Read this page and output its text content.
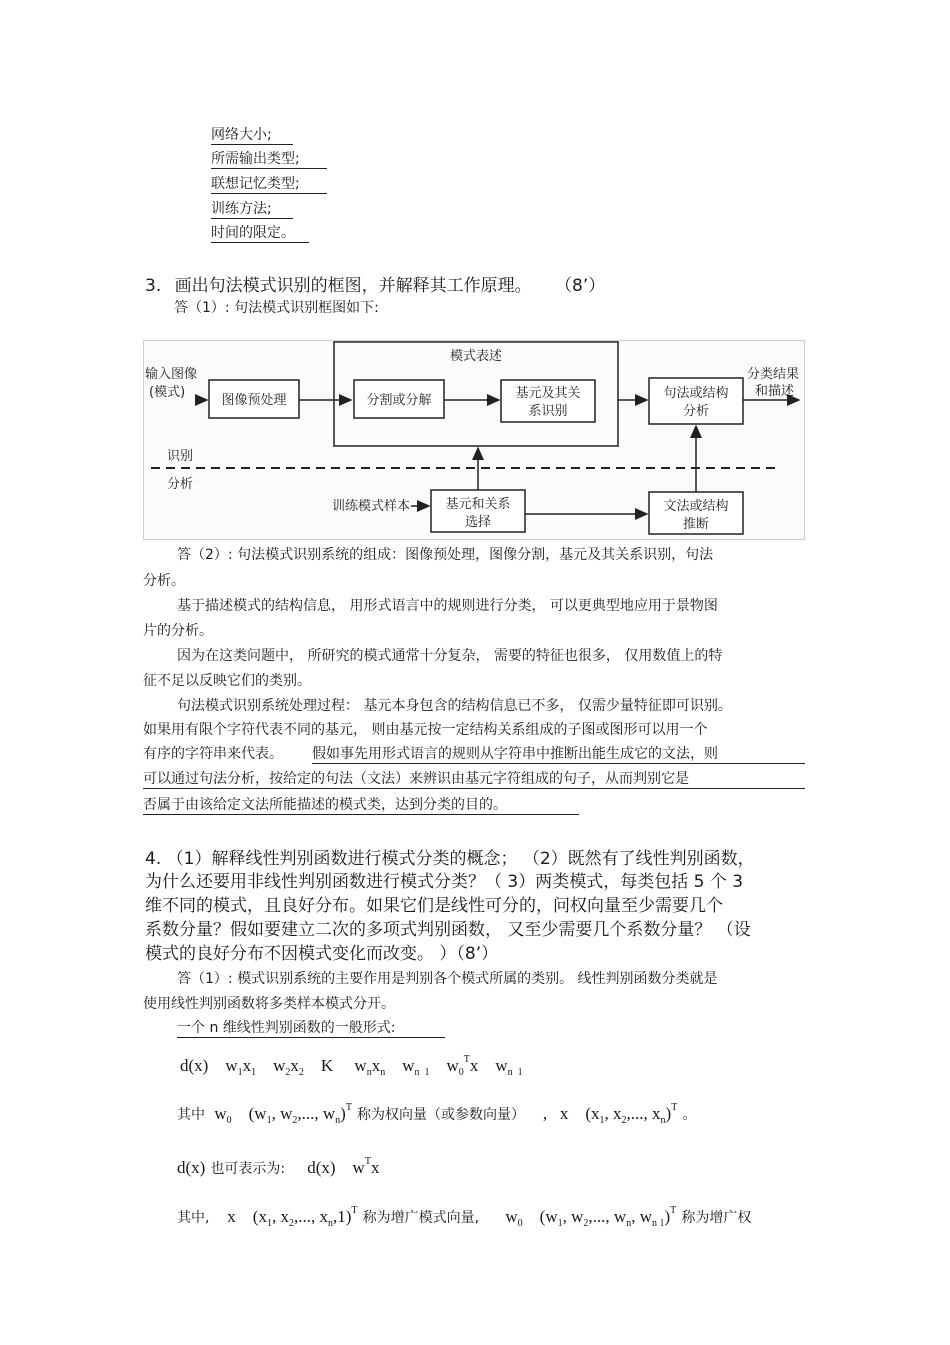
网络大小;
所需输出类型;
联想记忆类型;
训练方法;
时间的限定。
3. 画出句法模式识别的框图，并解释其工作原理。 （8’）
答（1）: 句法模式识别框图如下:
输入图像
(模式)
图像预处理
模式表述
分割或分解	基元及其关
系识别
句法或结构
分析
分类结果
和描述
识别
分析
训练模式样本	基元和关系
选择
文法或结构
推断
答（2）: 句法模式识别系统的组成：图像预处理，图像分割，基元及其关系识别，句法
分析。
基于描述模式的结构信息， 用形式语言中的规则进行分类， 可以更典型地应用于景物图
片的分析。
因为在这类问题中， 所研究的模式通常十分复杂， 需要的特征也很多， 仅用数值上的特
征不足以反映它们的类别。
句法模式识别系统处理过程： 基元本身包含的结构信息已不多， 仅需少量特征即可识别。
如果用有限个字符代表不同的基元， 则由基元按一定结构关系组成的子图或图形可以用一个
有序的字符串来代表。 假如事先用形式语言的规则从字符串中推断出能生成它的文法，则
可以通过句法分析，按给定的句法（文法）来辨识由基元字符组成的句子，从而判别它是
否属于由该给定文法所能描述的模式类，达到分类的目的。
4. （1）解释线性判别函数进行模式分类的概念； （2）既然有了线性判别函数，
为什么还要用非线性判别函数进行模式分类？（ 3）两类模式，每类包括 5 个 3
维不同的模式，且良好分布。如果它们是线性可分的，问权向量至少需要几个
系数分量？假如要建立二次的多项式判别函数， 又至少需要几个系数分量？ （设
模式的良好分布不因模式变化而改变。 ）（8’）
答（1）: 模式识别系统的主要作用是判别各个模式所属的类别。 线性判别函数分类就是
使用线性判别函数将多类样本模式分开。
一个 n 维线性判别函数的一般形式:
d(x)    $w_1x_1$    $w_2x_2$    K     $w_nx_n$    $w_{n 1}$    $w_0^Tx$    $w_{n 1}$
其中  $w_0$    ($w_1$, $w_2$,..., $w_n)^T$ 称为权向量（或参数向量）    ,   x    ($x_1$, $x_2$,..., $x_n)^T$ 。
d(x) 也可表示为:     d(x)    $w^Tx$
其中,    x    ($x_1$, $x_2$,..., $x_n,1)^T$ 称为增广模式向量,      $w_0$    ($w_1$, $w_2$,..., $w_n$, $w_{n 1})^T$ 称为增广权
